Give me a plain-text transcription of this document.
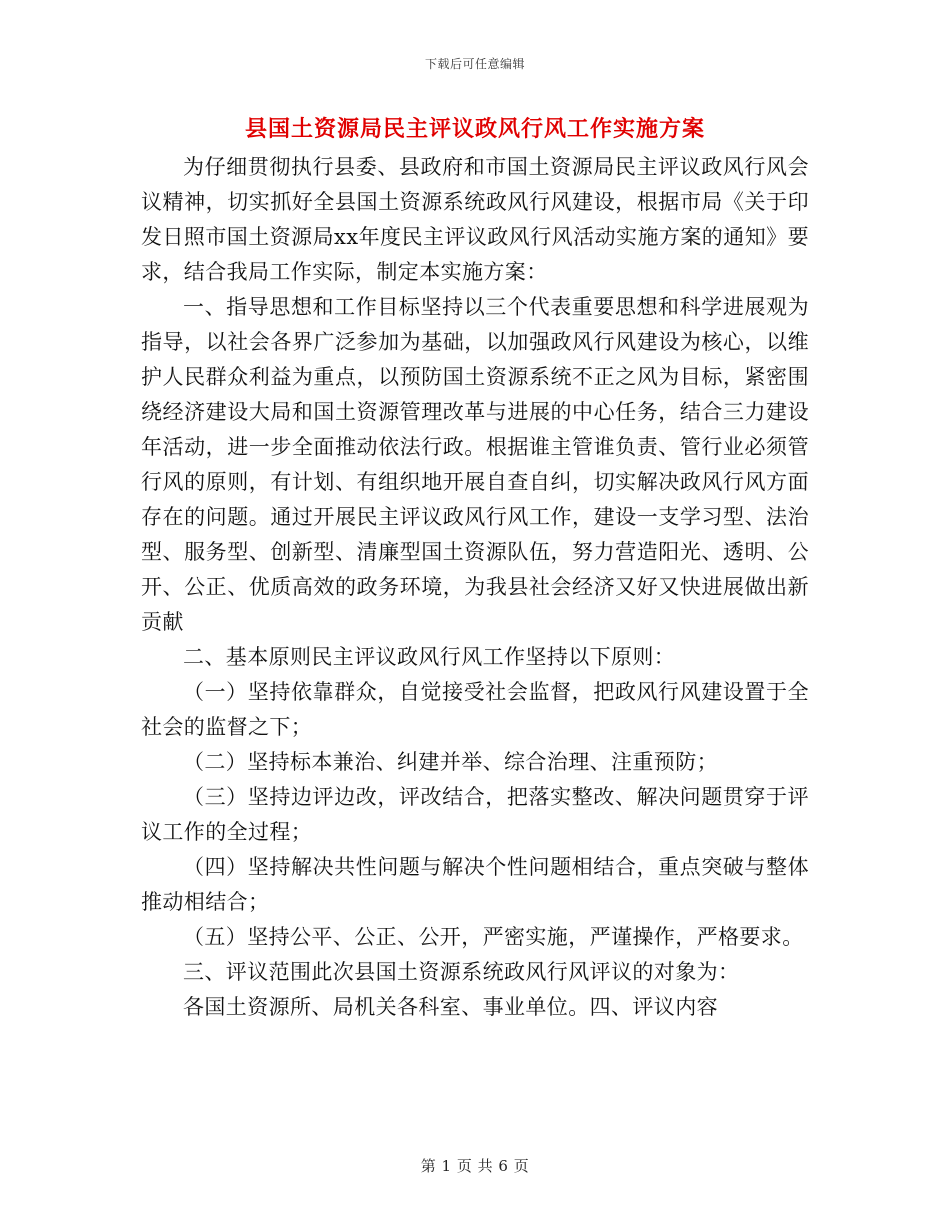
下载后可任意编辑
县国土资源局民主评议政风行风工作实施方案

为仔细贯彻执行县委、县政府和市国土资源局民主评议政风行风会议精神，切实抓好全县国土资源系统政风行风建设，根据市局《关于印发日照市国土资源局xx年度民主评议政风行风活动实施方案的通知》要求，结合我局工作实际，制定本实施方案：

一、指导思想和工作目标坚持以三个代表重要思想和科学进展观为指导，以社会各界广泛参加为基础，以加强政风行风建设为核心，以维护人民群众利益为重点，以预防国土资源系统不正之风为目标，紧密围绕经济建设大局和国土资源管理改革与进展的中心任务，结合三力建设年活动，进一步全面推动依法行政。根据谁主管谁负责、管行业必须管行风的原则，有计划、有组织地开展自查自纠，切实解决政风行风方面存在的问题。通过开展民主评议政风行风工作，建设一支学习型、法治型、服务型、创新型、清廉型国土资源队伍，努力营造阳光、透明、公开、公正、优质高效的政务环境，为我县社会经济又好又快进展做出新贡献

二、基本原则民主评议政风行风工作坚持以下原则：

（一）坚持依靠群众，自觉接受社会监督，把政风行风建设置于全社会的监督之下；

（二）坚持标本兼治、纠建并举、综合治理、注重预防；

（三）坚持边评边改，评改结合，把落实整改、解决问题贯穿于评议工作的全过程；

（四）坚持解决共性问题与解决个性问题相结合，重点突破与整体推动相结合；

（五）坚持公平、公正、公开，严密实施，严谨操作，严格要求。

三、评议范围此次县国土资源系统政风行风评议的对象为：

各国土资源所、局机关各科室、事业单位。四、评议内容

第 1 页 共 6 页
